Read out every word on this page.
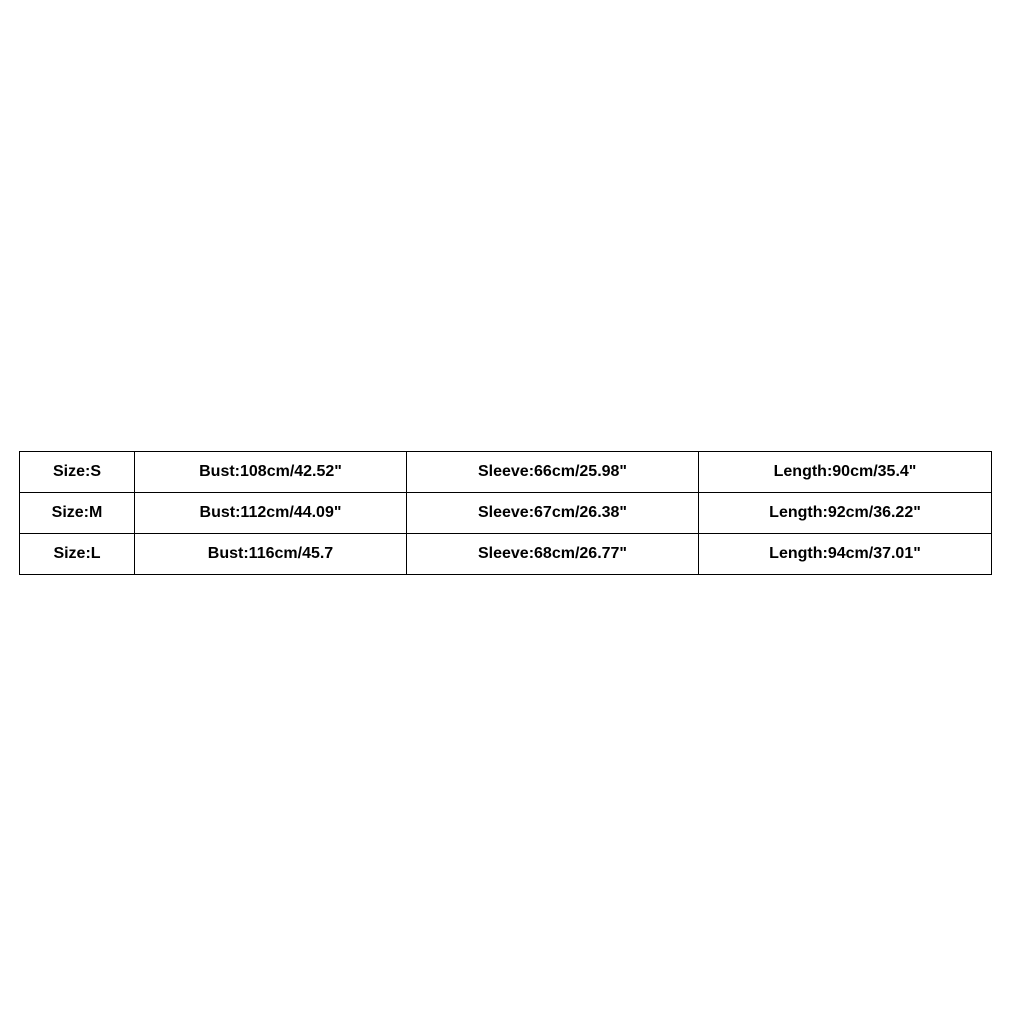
Size:S	Bust:108cm/42.52"	Sleeve:66cm/25.98"	Length:90cm/35.4"
Size:M	Bust:112cm/44.09"	Sleeve:67cm/26.38"	Length:92cm/36.22"
Size:L	Bust:116cm/45.7	Sleeve:68cm/26.77"	Length:94cm/37.01"
